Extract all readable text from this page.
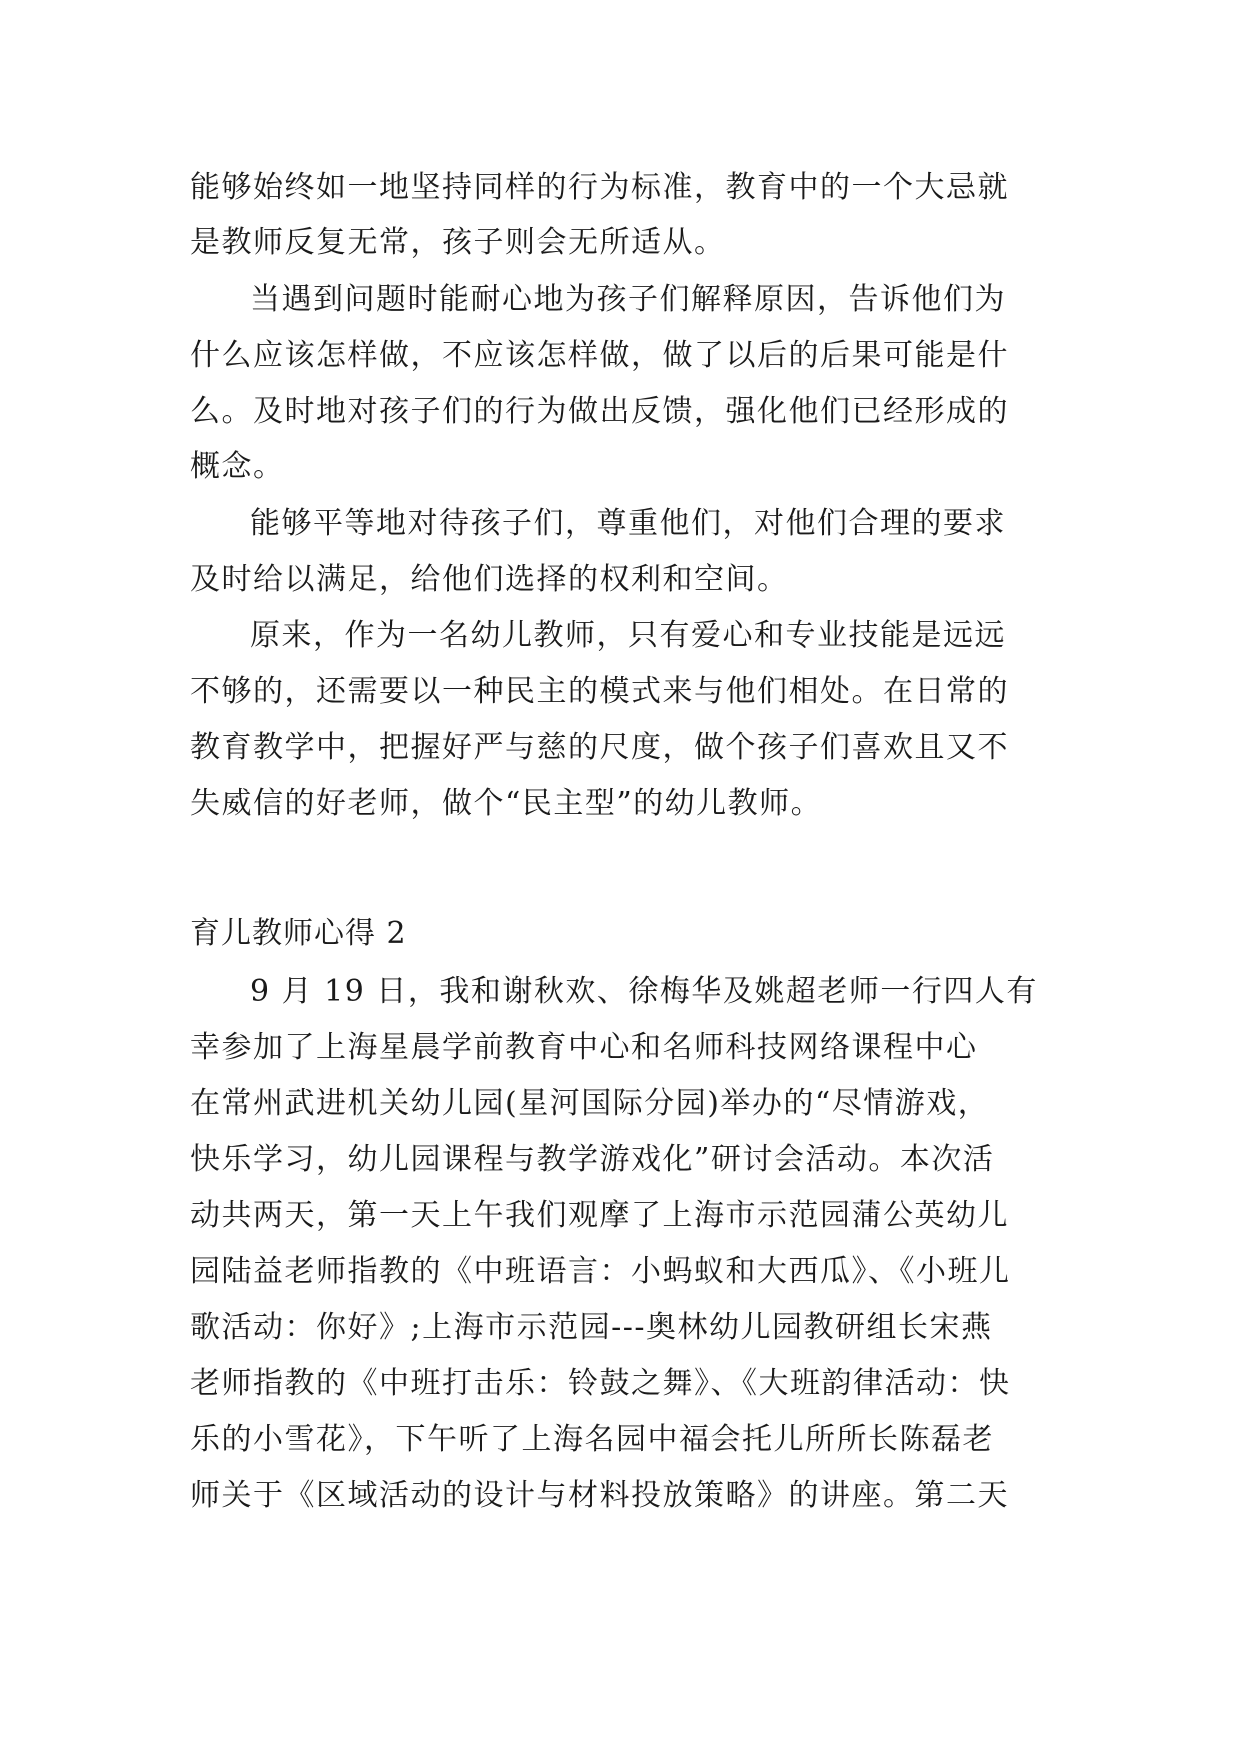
能够始终如一地坚持同样的行为标准，教育中的一个大忌就
是教师反复无常，孩子则会无所适从。
当遇到问题时能耐心地为孩子们解释原因，告诉他们为
什么应该怎样做，不应该怎样做，做了以后的后果可能是什
么。及时地对孩子们的行为做出反馈，强化他们已经形成的
概念。
能够平等地对待孩子们，尊重他们，对他们合理的要求
及时给以满足，给他们选择的权利和空间。
原来，作为一名幼儿教师，只有爱心和专业技能是远远
不够的，还需要以一种民主的模式来与他们相处。在日常的
教育教学中，把握好严与慈的尺度，做个孩子们喜欢且又不
失威信的好老师，做个“民主型”的幼儿教师。
育儿教师心得 2
9 月 19 日，我和谢秋欢、徐梅华及姚超老师一行四人有
幸参加了上海星晨学前教育中心和名师科技网络课程中心
在常州武进机关幼儿园(星河国际分园)举办的“尽情游戏，
快乐学习，幼儿园课程与教学游戏化”研讨会活动。本次活
动共两天，第一天上午我们观摩了上海市示范园蒲公英幼儿
园陆益老师指教的《中班语言：小蚂蚁和大西瓜》、《小班儿
歌活动：你好》;上海市示范园---奥林幼儿园教研组长宋燕
老师指教的《中班打击乐：铃鼓之舞》、《大班韵律活动：快
乐的小雪花》，下午听了上海名园中福会托儿所所长陈磊老
师关于《区域活动的设计与材料投放策略》的讲座。第二天
